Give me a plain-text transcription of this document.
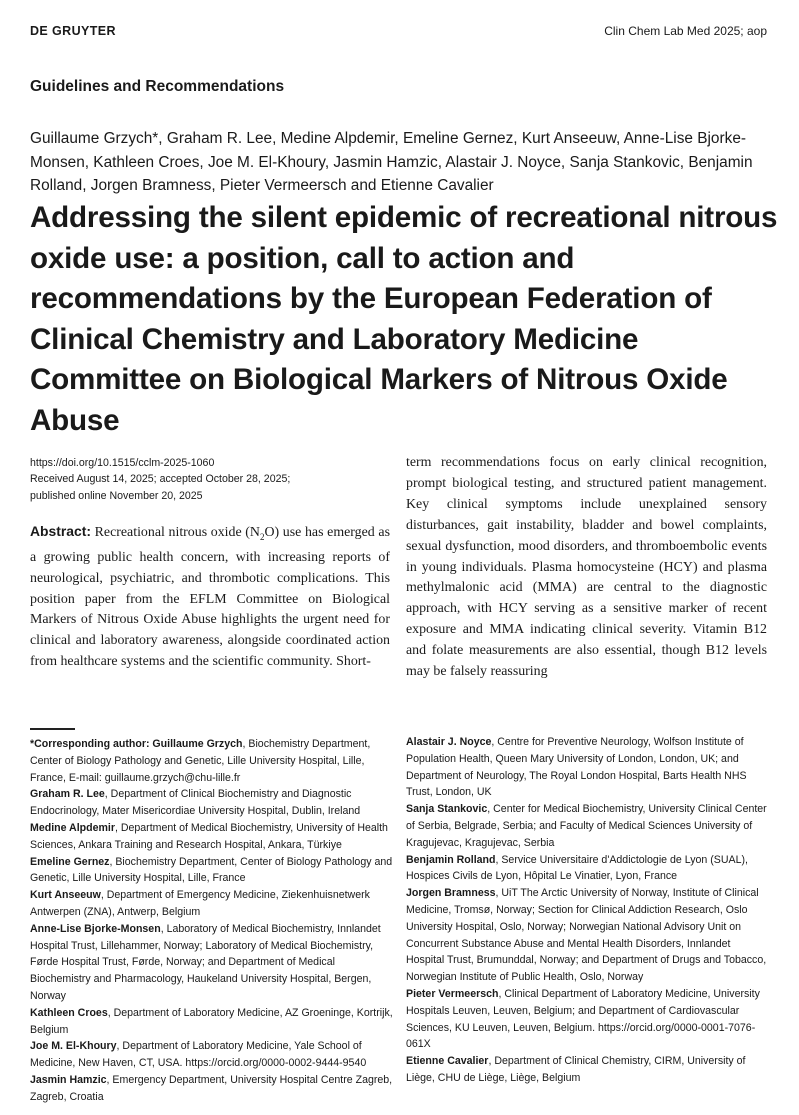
DE GRUYTER	Clin Chem Lab Med 2025; aop
Guidelines and Recommendations
Guillaume Grzych*, Graham R. Lee, Medine Alpdemir, Emeline Gernez, Kurt Anseeuw, Anne-Lise Bjorke-Monsen, Kathleen Croes, Joe M. El-Khoury, Jasmin Hamzic, Alastair J. Noyce, Sanja Stankovic, Benjamin Rolland, Jorgen Bramness, Pieter Vermeersch and Etienne Cavalier
Addressing the silent epidemic of recreational nitrous oxide use: a position, call to action and recommendations by the European Federation of Clinical Chemistry and Laboratory Medicine Committee on Biological Markers of Nitrous Oxide Abuse
https://doi.org/10.1515/cclm-2025-1060
Received August 14, 2025; accepted October 28, 2025;
published online November 20, 2025
Abstract: Recreational nitrous oxide $(N_2O)$ use has emerged as a growing public health concern, with increasing reports of neurological, psychiatric, and thrombotic complications. This position paper from the EFLM Committee on Biological Markers of Nitrous Oxide Abuse highlights the urgent need for clinical and laboratory awareness, alongside coordinated action from healthcare systems and the scientific community. Short-
term recommendations focus on early clinical recognition, prompt biological testing, and structured patient management. Key clinical symptoms include unexplained sensory disturbances, gait instability, bladder and bowel complaints, sexual dysfunction, mood disorders, and thromboembolic events in young individuals. Plasma homocysteine (HCY) and plasma methylmalonic acid (MMA) are central to the diagnostic approach, with HCY serving as a sensitive marker of recent exposure and MMA indicating clinical severity. Vitamin B12 and folate measurements are also essential, though B12 levels may be falsely reassuring

*Corresponding author: Guillaume Grzych, Biochemistry Department, Center of Biology Pathology and Genetic, Lille University Hospital, Lille, France, E-mail: guillaume.grzych@chu-lille.fr

Graham R. Lee, Department of Clinical Biochemistry and Diagnostic Endocrinology, Mater Misericordiae University Hospital, Dublin, Ireland

Medine Alpdemir, Department of Medical Biochemistry, University of Health Sciences, Ankara Training and Research Hospital, Ankara, Türkiye

Emeline Gernez, Biochemistry Department, Center of Biology Pathology and Genetic, Lille University Hospital, Lille, France

Kurt Anseeuw, Department of Emergency Medicine, Ziekenhuisnetwerk Antwerpen (ZNA), Antwerp, Belgium

Anne-Lise Bjorke-Monsen, Laboratory of Medical Biochemistry, Innlandet Hospital Trust, Lillehammer, Norway; Laboratory of Medical Biochemistry, Førde Hospital Trust, Førde, Norway; and Department of Medical Biochemistry and Pharmacology, Haukeland University Hospital, Bergen, Norway

Kathleen Croes, Department of Laboratory Medicine, AZ Groeninge, Kortrijk, Belgium

Joe M. El-Khoury, Department of Laboratory Medicine, Yale School of Medicine, New Haven, CT, USA. https://orcid.org/0000-0002-9444-9540

Jasmin Hamzic, Emergency Department, University Hospital Centre Zagreb, Zagreb, Croatia

Alastair J. Noyce, Centre for Preventive Neurology, Wolfson Institute of Population Health, Queen Mary University of London, London, UK; and Department of Neurology, The Royal London Hospital, Barts Health NHS Trust, London, UK

Sanja Stankovic, Center for Medical Biochemistry, University Clinical Center of Serbia, Belgrade, Serbia; and Faculty of Medical Sciences University of Kragujevac, Kragujevac, Serbia

Benjamin Rolland, Service Universitaire d'Addictologie de Lyon (SUAL), Hospices Civils de Lyon, Hôpital Le Vinatier, Lyon, France

Jorgen Bramness, UiT The Arctic University of Norway, Institute of Clinical Medicine, Tromsø, Norway; Section for Clinical Addiction Research, Oslo University Hospital, Oslo, Norway; Norwegian National Advisory Unit on Concurrent Substance Abuse and Mental Health Disorders, Innlandet Hospital Trust, Brumunddal, Norway; and Department of Drugs and Tobacco, Norwegian Institute of Public Health, Oslo, Norway

Pieter Vermeersch, Clinical Department of Laboratory Medicine, University Hospitals Leuven, Leuven, Belgium; and Department of Cardiovascular Sciences, KU Leuven, Leuven, Belgium. https://orcid.org/0000-0001-7076-061X

Etienne Cavalier, Department of Clinical Chemistry, CIRM, University of Liège, CHU de Liège, Liège, Belgium
